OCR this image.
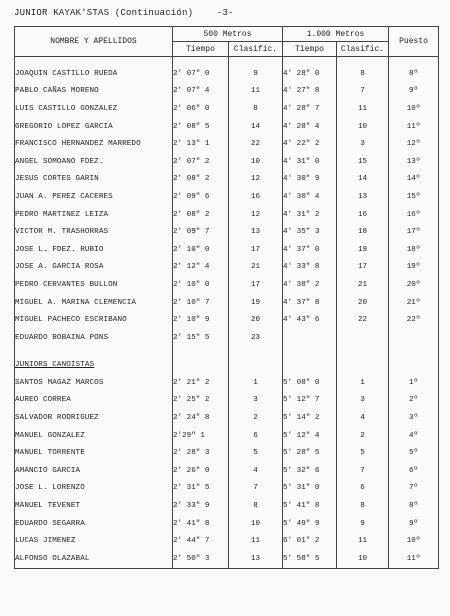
JUNIOR KAYAK'STAS (Continuación)	-3-
NOMBRE Y APELLIDOS	500 Metros		1.000 Metros		Puesto
	Tiempo	Clasific.	Tiempo	Clasific.	

JOAQUIN CASTILLO RUEDA	2' 07" 0	9	4' 28" 0	8	8º
PABLO CAÑAS MORENO	2' 07" 4	11	4' 27" 8	7	9º
LUIS CASTILLO GONZALEZ	2' 06" 0	8	4' 28" 7	11	10º
GREGORIO LOPEZ GARCIA	2' 08" 5	14	4' 28" 4	10	11º
FRANCISCO HERNANDEZ MARREDO	2' 13" 1	22	4' 22" 2	3	12º
ANGEL SOMOANO FDEZ.	2' 07" 2	10	4' 31" 0	15	13º
JESUS CORTES GARIN	2' 08" 2	12	4' 30" 9	14	14º
JUAN A. PEREZ CACERES	2' 09" 6	16	4' 30" 4	13	15º
PEDRO MARTINEZ LEIZA	2' 08" 2	12	4' 31" 2	16	16º
VICTOR M. TRASHORRAS	2' 09" 7	13	4' 35" 3	18	17º
JOSE L. FDEZ. RUBIO	2' 10" 0	17	4' 37" 0	19	18º
JOSE A. GARCIA ROSA	2' 12" 4	21	4' 33" 8	17	19º
PEDRO CERVANTES BULLON	2' 10" 0	17	4' 38" 2	21	20º
MIGUEL A. MARINA CLEMENCIA	2' 10" 7	19	4' 37" 8	20	21º
MIGUEL PACHECO ESCRIBANO	2' 10" 9	20	4' 43" 6	22	22º
EDUARDO ROBAINA PONS	2' 15" 5	23			

JUNIORS CANOISTAS					
SANTOS MAGAZ MARCOS	2' 21" 2	1	5' 08" 0	1	1º
AUREO CORREA	2' 25" 2	3	5' 12" 7	3	2º
SALVADOR RODRIGUEZ	2' 24" 8	2	5' 14" 2	4	3º
MANUEL GONZALEZ	2'29" 1	6	5' 12" 4	2	4º
MANUEL TORRENTE	2' 28" 3	5	5' 28" 5	5	5º
AMANCIO GARCIA	2' 26" 0	4	5' 32" 6	7	6º
JOSE L. LORENZO	2' 31" 5	7	5' 31" 0	6	7º
MANUEL TEVENET	2' 33" 9	8	5' 41" 8	8	8º
EDUARDO SEGARRA	2' 41" 8	10	5' 49" 9	9	9º
LUCAS JIMENEZ	2' 44" 7	11	6' 01" 2	11	10º
ALFONSO OLAZABAL	2' 50" 3	13	5' 58" 5	10	11º
